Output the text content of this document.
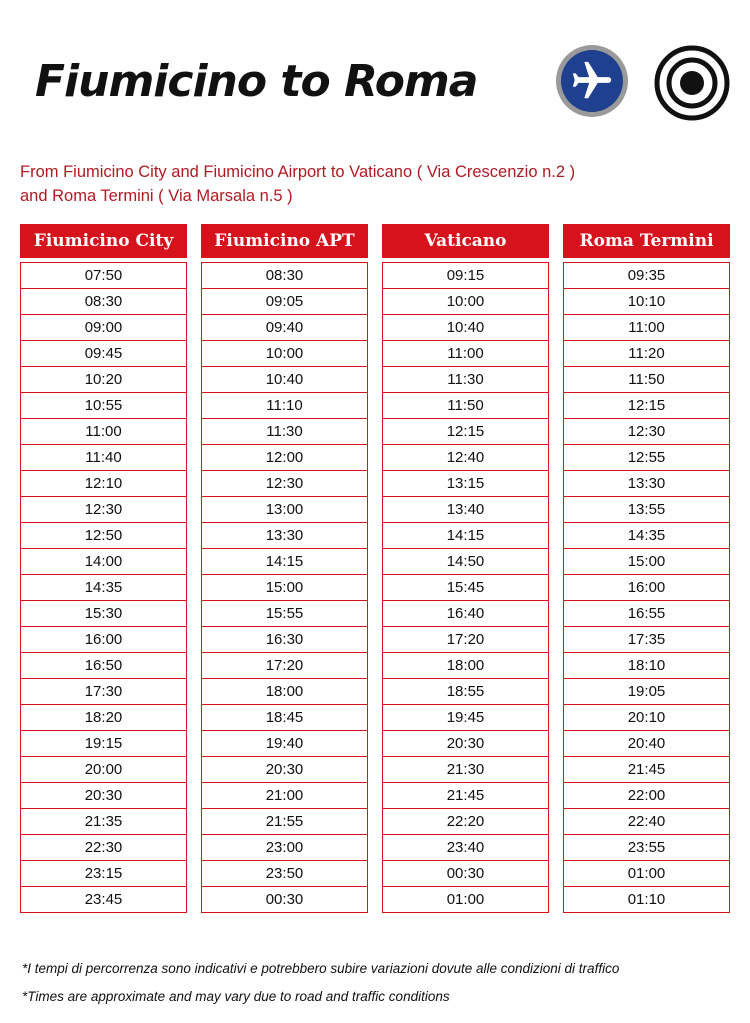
Fiumicino to Roma

From Fiumicino City and Fiumicino Airport to Vaticano ( Via Crescenzio n.2 )
and Roma Termini ( Via Marsala n.5 )

Fiumicino City
07:50
08:30
09:00
09:45
10:20
10:55
11:00
11:40
12:10
12:30
12:50
14:00
14:35
15:30
16:00
16:50
17:30
18:20
19:15
20:00
20:30
21:35
22:30
23:15
23:45
Fiumicino APT
08:30
09:05
09:40
10:00
10:40
11:10
11:30
12:00
12:30
13:00
13:30
14:15
15:00
15:55
16:30
17:20
18:00
18:45
19:40
20:30
21:00
21:55
23:00
23:50
00:30
Vaticano
09:15
10:00
10:40
11:00
11:30
11:50
12:15
12:40
13:15
13:40
14:15
14:50
15:45
16:40
17:20
18:00
18:55
19:45
20:30
21:30
21:45
22:20
23:40
00:30
01:00
Roma Termini
09:35
10:10
11:00
11:20
11:50
12:15
12:30
12:55
13:30
13:55
14:35
15:00
16:00
16:55
17:35
18:10
19:05
20:10
20:40
21:45
22:00
22:40
23:55
01:00
01:10

*I tempi di percorrenza sono indicativi e potrebbero subire variazioni dovute alle condizioni di traffico

*Times are approximate and may vary due to road and traffic conditions
